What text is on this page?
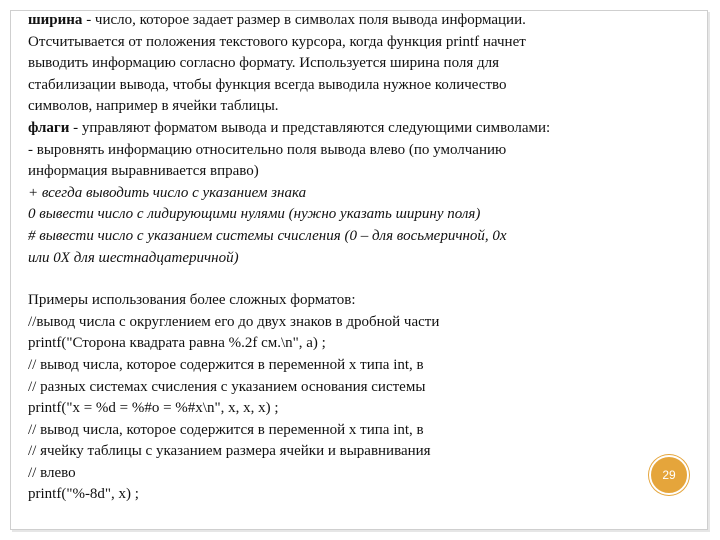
ширина - число, которое задает размер в символах поля вывода информации.
Отсчитывается от положения текстового курсора, когда функция printf начнет
выводить информацию согласно формату. Используется ширина поля для
стабилизации вывода, чтобы функция всегда выводила нужное количество
символов, например в ячейки таблицы.
флаги - управляют форматом вывода и представляются следующими символами:
- выровнять информацию относительно поля вывода влево (по умолчанию
информация выравнивается вправо)
+ всегда выводить число с указанием знака
0 вывести число с лидирующими нулями (нужно указать ширину поля)
# вывести число с указанием системы счисления (0 – для восьмеричной, 0x
или 0X для шестнадцатеричной)
Примеры использования более сложных форматов:
//вывод числа с округлением его до двух знаков в дробной части
printf("Сторона квадрата равна %.2f см.\n", a) ;
// вывод числа, которое содержится в переменной x типа int, в
// разных системах счисления с указанием основания системы
printf("x = %d = %#o = %#x\n", x, x, x) ;
// вывод числа, которое содержится в переменной x типа int, в
// ячейку таблицы с указанием размера ячейки и выравнивания
// влево
printf("%-8d", x) ;
29
